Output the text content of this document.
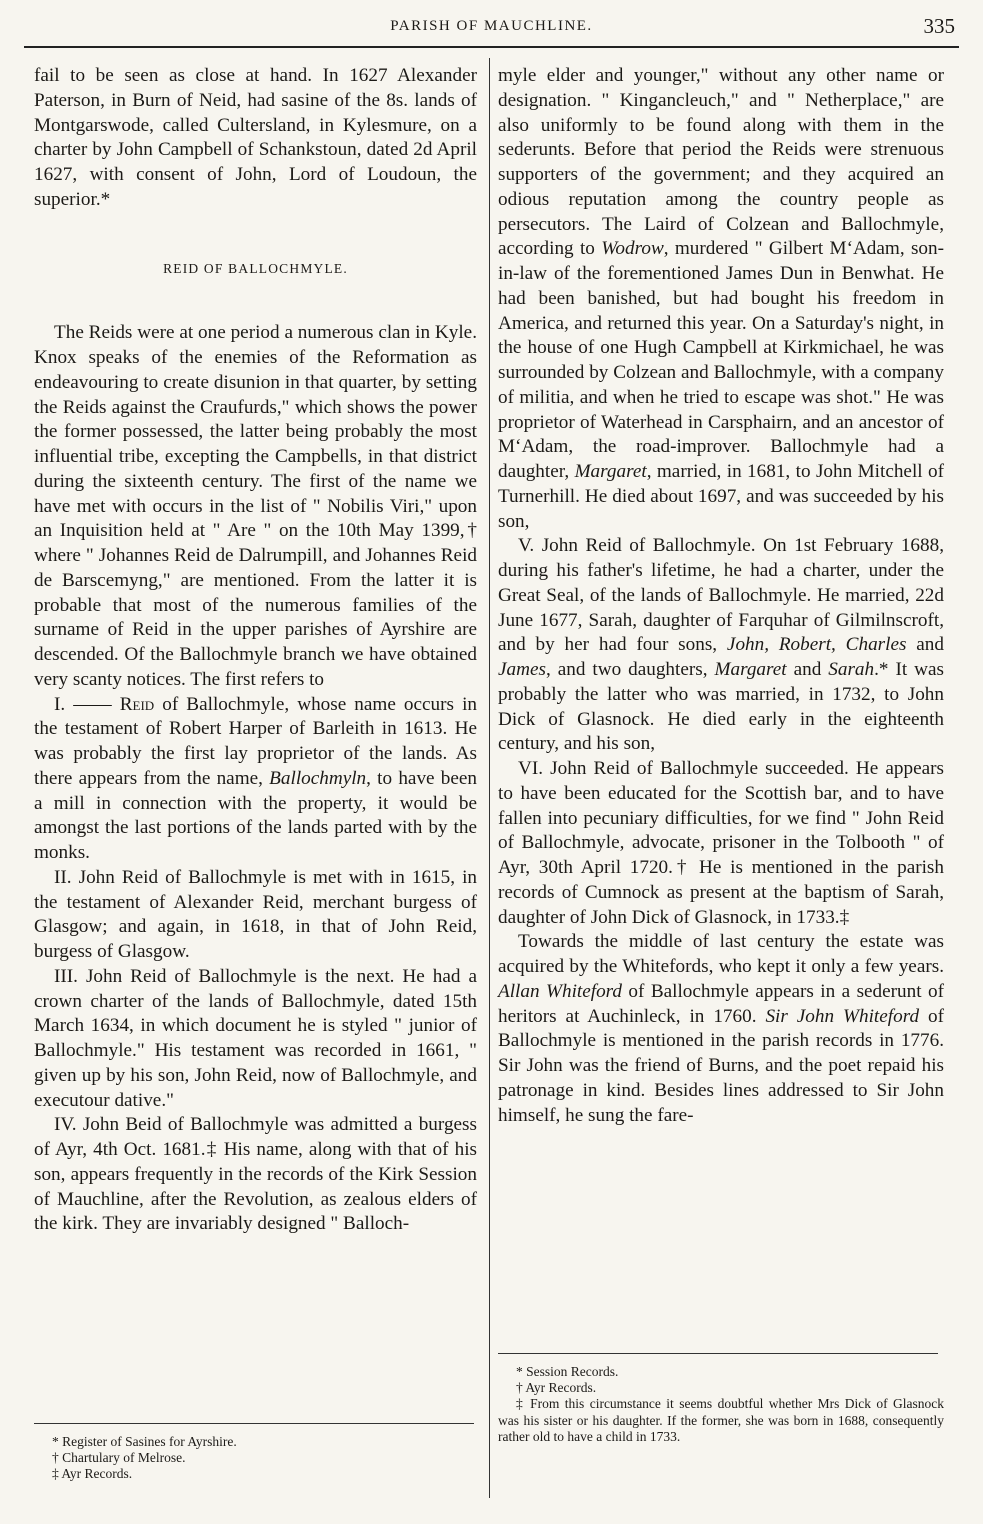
PARISH OF MAUCHLINE.	335

fail to be seen as close at hand. In 1627 Alexander Paterson, in Burn of Neid, had sasine of the 8s. lands of Montgarswode, called Cultersland, in Kylesmure, on a charter by John Campbell of Schankstoun, dated 2d April 1627, with consent of John, Lord of Loudoun, the superior.*

REID OF BALLOCHMYLE.

The Reids were at one period a numerous clan in Kyle. Knox speaks of the enemies of the Reformation as endeavouring to create disunion in that quarter, by setting the Reids against the Craufurds," which shows the power the former possessed, the latter being probably the most influential tribe, excepting the Campbells, in that district during the sixteenth century. The first of the name we have met with occurs in the list of " Nobilis Viri," upon an Inquisition held at " Are " on the 10th May 1399,† where " Johannes Reid de Dalrumpill, and Johannes Reid de Barscemyng," are mentioned. From the latter it is probable that most of the numerous families of the surname of Reid in the upper parishes of Ayrshire are descended. Of the Ballochmyle branch we have obtained very scanty notices. The first refers to

I. —— Reid of Ballochmyle, whose name occurs in the testament of Robert Harper of Barleith in 1613. He was probably the first lay proprietor of the lands. As there appears from the name, Ballochmyln, to have been a mill in connection with the property, it would be amongst the last portions of the lands parted with by the monks.

II. John Reid of Ballochmyle is met with in 1615, in the testament of Alexander Reid, merchant burgess of Glasgow; and again, in 1618, in that of John Reid, burgess of Glasgow.

III. John Reid of Ballochmyle is the next. He had a crown charter of the lands of Ballochmyle, dated 15th March 1634, in which document he is styled " junior of Ballochmyle." His testament was recorded in 1661, " given up by his son, John Reid, now of Ballochmyle, and executour dative."

IV. John Beid of Ballochmyle was admitted a burgess of Ayr, 4th Oct. 1681.‡ His name, along with that of his son, appears frequently in the records of the Kirk Session of Mauchline, after the Revolution, as zealous elders of the kirk. They are invariably designed " Balloch-

myle elder and younger," without any other name or designation. " Kingancleuch," and " Netherplace," are also uniformly to be found along with them in the sederunts. Before that period the Reids were strenuous supporters of the government; and they acquired an odious reputation among the country people as persecutors. The Laird of Colzean and Ballochmyle, according to Wodrow, murdered " Gilbert M‘Adam, son-in-law of the forementioned James Dun in Benwhat. He had been banished, but had bought his freedom in America, and returned this year. On a Saturday's night, in the house of one Hugh Campbell at Kirkmichael, he was surrounded by Colzean and Ballochmyle, with a company of militia, and when he tried to escape was shot." He was proprietor of Waterhead in Carsphairn, and an ancestor of M‘Adam, the road-improver. Ballochmyle had a daughter, Margaret, married, in 1681, to John Mitchell of Turnerhill. He died about 1697, and was succeeded by his son,

V. John Reid of Ballochmyle. On 1st February 1688, during his father's lifetime, he had a charter, under the Great Seal, of the lands of Ballochmyle. He married, 22d June 1677, Sarah, daughter of Farquhar of Gilmilnscroft, and by her had four sons, John, Robert, Charles and James, and two daughters, Margaret and Sarah.* It was probably the latter who was married, in 1732, to John Dick of Glasnock. He died early in the eighteenth century, and his son,

VI. John Reid of Ballochmyle succeeded. He appears to have been educated for the Scottish bar, and to have fallen into pecuniary difficulties, for we find " John Reid of Ballochmyle, advocate, prisoner in the Tolbooth " of Ayr, 30th April 1720.† He is mentioned in the parish records of Cumnock as present at the baptism of Sarah, daughter of John Dick of Glasnock, in 1733.‡

Towards the middle of last century the estate was acquired by the Whitefords, who kept it only a few years. Allan Whiteford of Ballochmyle appears in a sederunt of heritors at Auchinleck, in 1760. Sir John Whiteford of Ballochmyle is mentioned in the parish records in 1776. Sir John was the friend of Burns, and the poet repaid his patronage in kind. Besides lines addressed to Sir John himself, he sung the fare-

* Register of Sasines for Ayrshire.
† Chartulary of Melrose.
‡ Ayr Records.
* Session Records.
† Ayr Records.
‡ From this circumstance it seems doubtful whether Mrs Dick of Glasnock was his sister or his daughter. If the former, she was born in 1688, consequently rather old to have a child in 1733.
